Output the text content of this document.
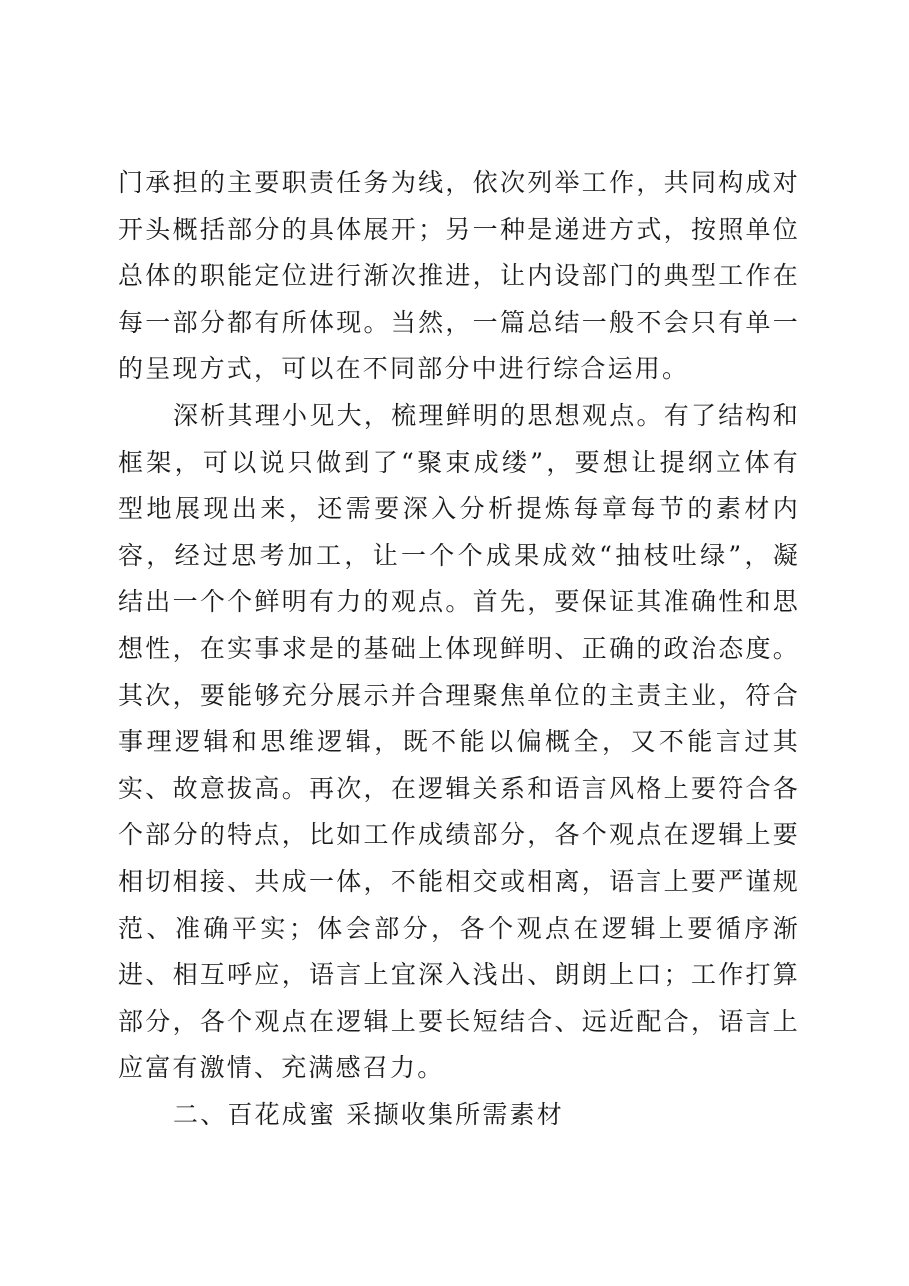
门承担的主要职责任务为线，依次列举工作，共同构成对开头概括部分的具体展开；另一种是递进方式，按照单位总体的职能定位进行渐次推进，让内设部门的典型工作在每一部分都有所体现。当然，一篇总结一般不会只有单一的呈现方式，可以在不同部分中进行综合运用。

深析其理小见大，梳理鲜明的思想观点。有了结构和框架，可以说只做到了“聚束成缕”，要想让提纲立体有型地展现出来，还需要深入分析提炼每章每节的素材内容，经过思考加工，让一个个成果成效“抽枝吐绿”，凝结出一个个鲜明有力的观点。首先，要保证其准确性和思想性，在实事求是的基础上体现鲜明、正确的政治态度。其次，要能够充分展示并合理聚焦单位的主责主业，符合事理逻辑和思维逻辑，既不能以偏概全，又不能言过其实、故意拔高。再次，在逻辑关系和语言风格上要符合各个部分的特点，比如工作成绩部分，各个观点在逻辑上要相切相接、共成一体，不能相交或相离，语言上要严谨规范、准确平实；体会部分，各个观点在逻辑上要循序渐进、相互呼应，语言上宜深入浅出、朗朗上口；工作打算部分，各个观点在逻辑上要长短结合、远近配合，语言上应富有激情、充满感召力。

二、百花成蜜 采撷收集所需素材
